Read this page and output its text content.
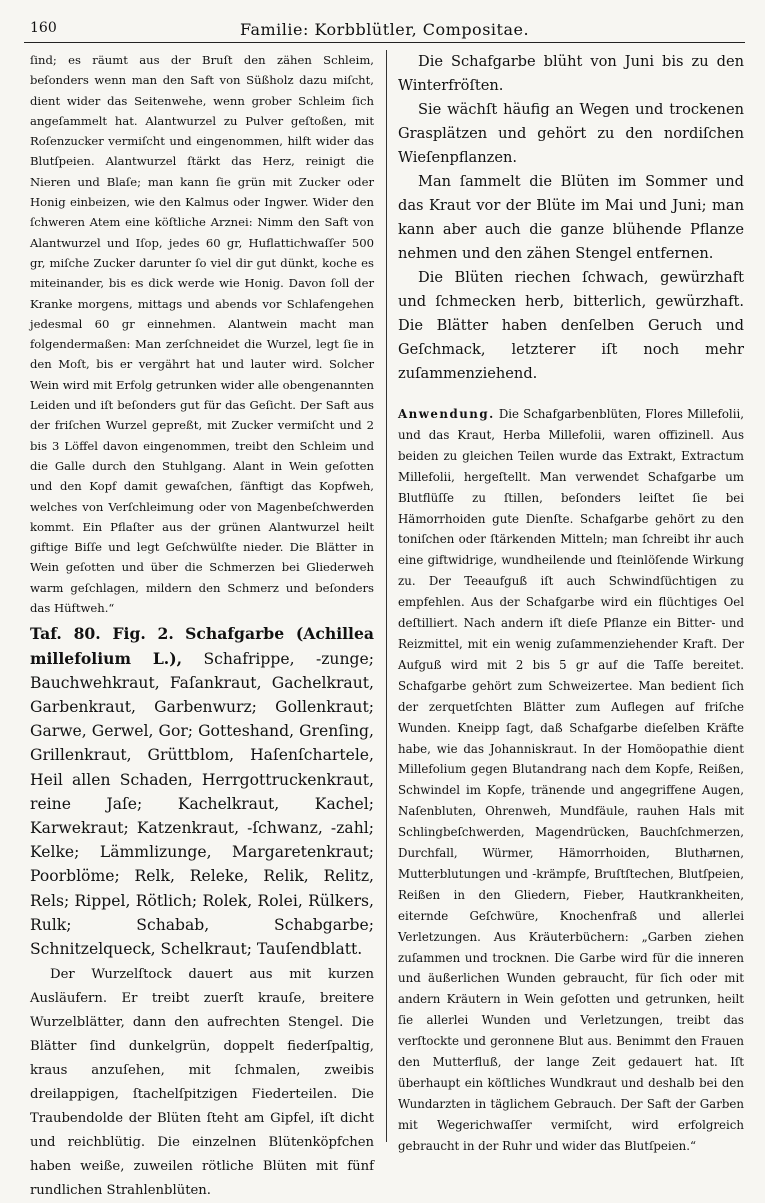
160	Familie: Korbblütler, Compositae.

ſind; es räumt aus der Bruſt den zähen Schleim, beſonders wenn man den Saft von Süßholz dazu miſcht, dient wider das Seitenwehe, wenn grober Schleim ſich angeſammelt hat. Alantwurzel zu Pulver geſtoßen, mit Roſenzucker vermiſcht und eingenommen, hilft wider das Blutſpeien. Alantwurzel ſtärkt das Herz, reinigt die Nieren und Blaſe; man kann ſie grün mit Zucker oder Honig einbeizen, wie den Kalmus oder Ingwer. Wider den ſchweren Atem eine köſtliche Arznei: Nimm den Saft von Alantwurzel und Iſop, jedes 60 gr, Huflattichwaſſer 500 gr, miſche Zucker darunter ſo viel dir gut dünkt, koche es miteinander, bis es dick werde wie Honig. Davon ſoll der Kranke morgens, mittags und abends vor Schlafengehen jedesmal 60 gr einnehmen. Alantwein macht man folgendermaßen: Man zerſchneidet die Wurzel, legt ſie in den Moſt, bis er vergährt hat und lauter wird. Solcher Wein wird mit Erfolg getrunken wider alle obengenannten Leiden und iſt beſonders gut für das Geſicht. Der Saft aus der friſchen Wurzel gepreßt, mit Zucker vermiſcht und 2 bis 3 Löffel davon eingenommen, treibt den Schleim und die Galle durch den Stuhlgang. Alant in Wein geſotten und den Kopf damit gewaſchen, ſänftigt das Kopfweh, welches von Verſchleimung oder von Magenbeſchwerden kommt. Ein Pflaſter aus der grünen Alantwurzel heilt giftige Biſſe und legt Geſchwülſte nieder. Die Blätter in Wein geſotten und über die Schmerzen bei Gliederweh warm geſchlagen, mildern den Schmerz und beſonders das Hüftweh.“

Taf. 80. Fig. 2. Schafgarbe (Achillea millefolium L.), Schafrippe, -zunge; Bauchwehkraut, Faſankraut, Gachelkraut, Garbenkraut, Garbenwurz; Gollenkraut; Garwe, Gerwel, Gor; Gotteshand, Grenſing, Grillenkraut, Grüttblom, Haſenſchartele, Heil allen Schaden, Herrgottruckenkraut, reine Jaſe; Kachelkraut, Kachel; Karwekraut; Katzenkraut, -ſchwanz, -zahl; Kelke; Lämmlizunge, Margaretenkraut; Poorblöme; Relk, Releke, Relik, Relitz, Rels; Rippel, Rötlich; Rolek, Rolei, Rülkers, Rulk; Schabab, Schabgarbe; Schnitzelqueck, Schelkraut; Tauſendblatt.

Der Wurzelſtock dauert aus mit kurzen Ausläufern. Er treibt zuerſt krauſe, breitere Wurzelblätter, dann den aufrechten Stengel. Die Blätter ſind dunkelgrün, doppelt fiederſpaltig, kraus anzuſehen, mit ſchmalen, zweibis dreilappigen, ſtachelſpitzigen Fiederteilen. Die Traubendolde der Blüten ſteht am Gipfel, iſt dicht und reichblütig. Die einzelnen Blütenköpfchen haben weiße, zuweilen rötliche Blüten mit fünf rundlichen Strahlenblüten.

Die Schafgarbe blüht von Juni bis zu den Winterfröſten.

Sie wächſt häufig an Wegen und trockenen Grasplätzen und gehört zu den nordiſchen Wieſenpflanzen.

Man ſammelt die Blüten im Sommer und das Kraut vor der Blüte im Mai und Juni; man kann aber auch die ganze blühende Pflanze nehmen und den zähen Stengel entfernen.

Die Blüten riechen ſchwach, gewürzhaft und ſchmecken herb, bitterlich, gewürzhaft. Die Blätter haben denſelben Geruch und Geſchmack, letzterer iſt noch mehr zuſammenziehend.

Anwendung. Die Schafgarbenblüten, Flores Millefolii, und das Kraut, Herba Millefolii, waren offizinell. Aus beiden zu gleichen Teilen wurde das Extrakt, Extractum Millefolii, hergeſtellt. Man verwendet Schafgarbe um Blutflüſſe zu ſtillen, beſonders leiſtet ſie bei Hämorrhoiden gute Dienſte. Schafgarbe gehört zu den toniſchen oder ſtärkenden Mitteln; man ſchreibt ihr auch eine giftwidrige, wundheilende und ſteinlöſende Wirkung zu. Der Teeaufguß iſt auch Schwindſüchtigen zu empfehlen. Aus der Schafgarbe wird ein flüchtiges Oel deſtilliert. Nach andern iſt dieſe Pflanze ein Bitter- und Reizmittel, mit ein wenig zuſammenziehender Kraft. Der Aufguß wird mit 2 bis 5 gr auf die Taſſe bereitet. Schafgarbe gehört zum Schweizertee. Man bedient ſich der zerquetſchten Blätter zum Auflegen auf friſche Wunden. Kneipp ſagt, daß Schafgarbe dieſelben Kräfte habe, wie das Johanniskraut. In der Homöopathie dient Millefolium gegen Blutandrang nach dem Kopfe, Reißen, Schwindel im Kopfe, tränende und angegriffene Augen, Naſenbluten, Ohrenweh, Mundfäule, rauhen Hals mit Schlingbeſchwerden, Magendrücken, Bauchſchmerzen, Durchfall, Würmer, Hämorrhoiden, Bluthaͤrnen, Mutterblutungen und -krämpfe, Bruſtſtechen, Blutſpeien, Reißen in den Gliedern, Fieber, Hautkrankheiten, eiternde Geſchwüre, Knochenfraß und allerlei Verletzungen. Aus Kräuterbüchern: „Garben ziehen zuſammen und trocknen. Die Garbe wird für die inneren und äußerlichen Wunden gebraucht, für ſich oder mit andern Kräutern in Wein geſotten und getrunken, heilt ſie allerlei Wunden und Verletzungen, treibt das verſtockte und geronnene Blut aus. Benimmt den Frauen den Mutterfluß, der lange Zeit gedauert hat. Iſt überhaupt ein köſtliches Wundkraut und deshalb bei den Wundarzten in täglichem Gebrauch. Der Saft der Garben mit Wegerichwaſſer vermiſcht, wird erfolgreich gebraucht in der Ruhr und wider das Blutſpeien.“
